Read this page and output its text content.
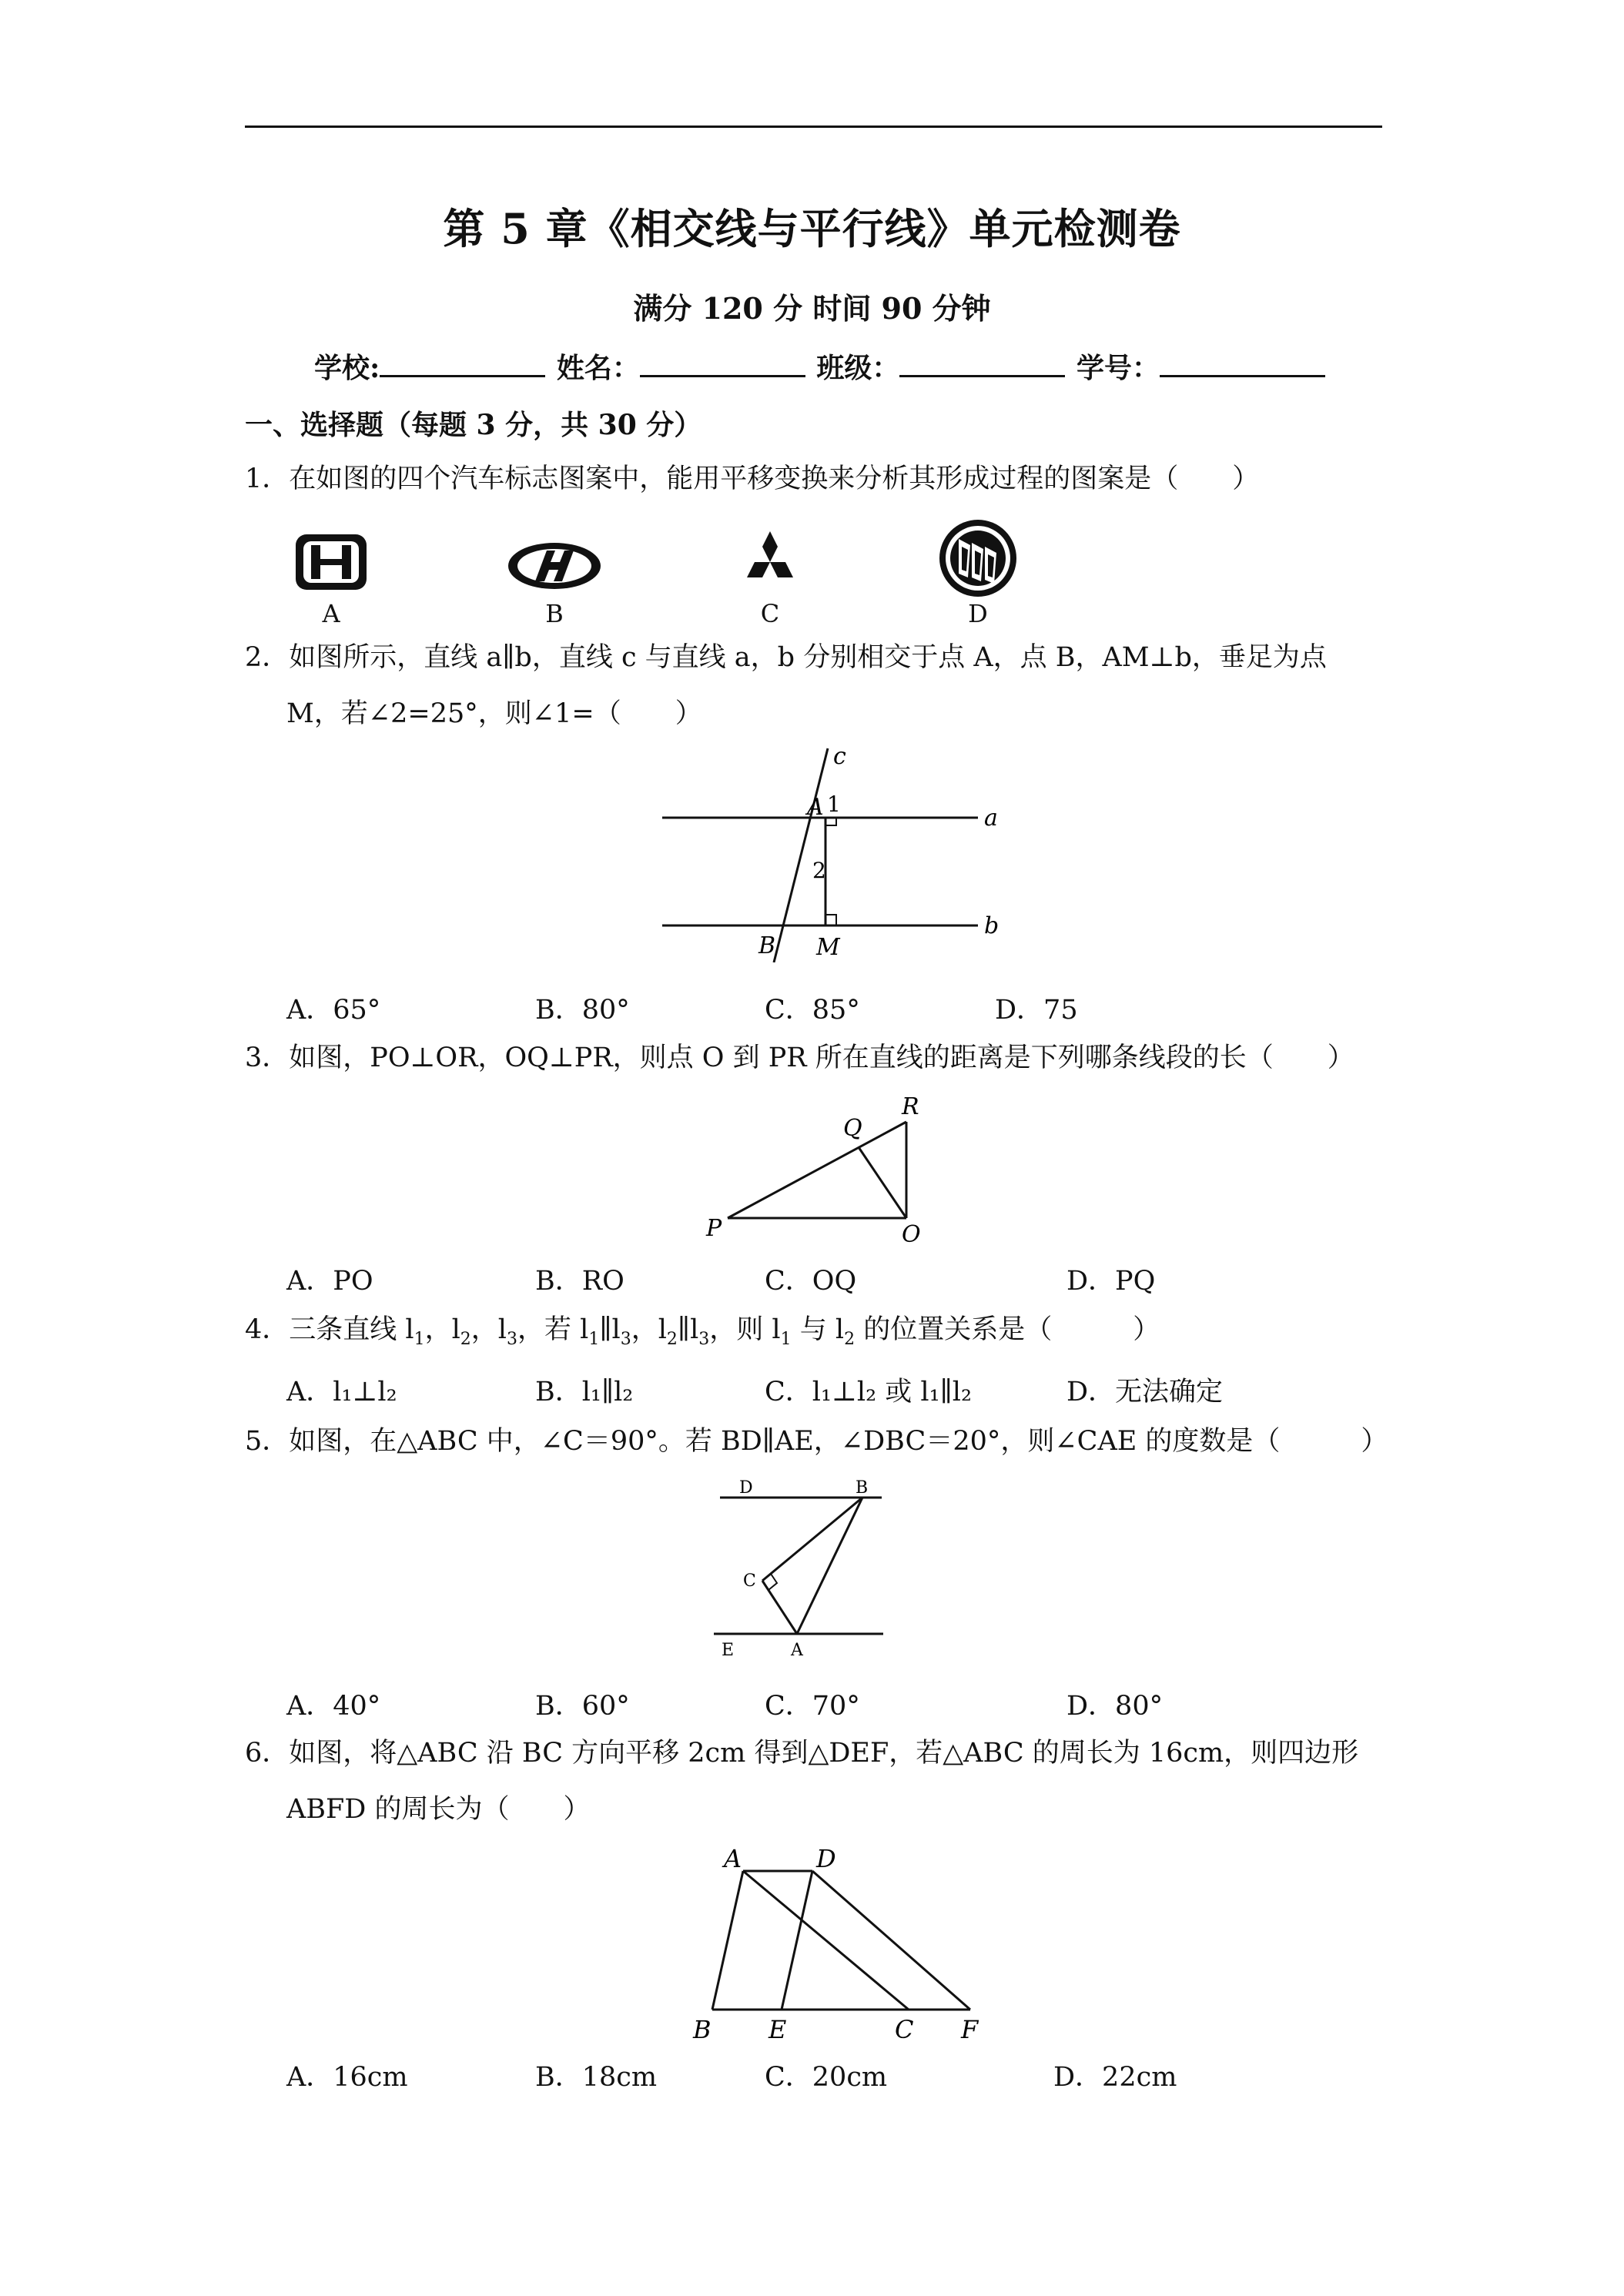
第 5 章《相交线与平行线》单元检测卷
满分 120 分 时间 90 分钟
学校:	姓名：	班级：	学号：
一、选择题（每题 3 分，共 30 分）
1．在如图的四个汽车标志图案中，能用平移变换来分析其形成过程的图案是（　　）
A	B	C	D
2．如图所示，直线 a∥b，直线 c 与直线 a，b 分别相交于点 A，点 B，AM⊥b，垂足为点
M，若∠2=25°，则∠1=（　　）
c
a
b
A 1
2
B M
A．65°	B．80°	C．85°	D．75
3．如图，PO⊥OR，OQ⊥PR，则点 O 到 PR 所在直线的距离是下列哪条线段的长（　　）
Q
R
P	O
A．PO	B．RO	C．OQ	D．PQ
4．三条直线 $l_1$，$l_2$，$l_3$，若 $l_1\parallel l_3$，$l_2\parallel l_3$，则 $l_1$ 与 $l_2$ 的位置关系是（　　　）
A．l₁⊥l₂	B．l₁∥l₂	C．l₁⊥l₂ 或 l₁∥l₂	D．无法确定
5．如图，在△ABC 中，∠C＝90°。若 BD∥AE，∠DBC＝20°，则∠CAE 的度数是（　　　）
D	B
C
E	A
A．40°	B．60°	C．70°	D．80°
6．如图，将△ABC 沿 BC 方向平移 2cm 得到△DEF，若△ABC 的周长为 16cm，则四边形
ABFD 的周长为（　　）
A	D
B E	C F
A．16cm	B．18cm	C．20cm	D．22cm
